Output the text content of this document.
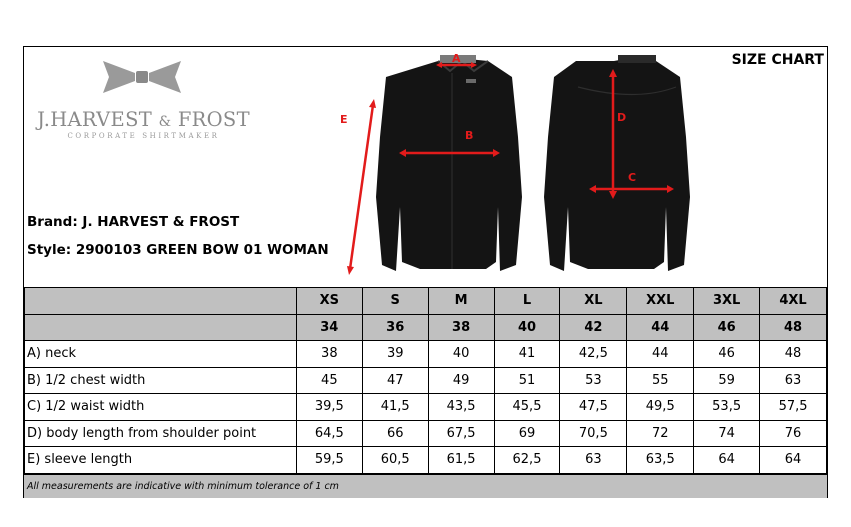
J.HARVEST & FROST
CORPORATE SHIRTMAKER
SIZE CHART
Brand: J. HARVEST & FROST
Style: 2900103 GREEN BOW 01 WOMAN
A
B
C
D
E
	XS	S	M	L	XL	XXL	3XL	4XL
	34	36	38	40	42	44	46	48
A) neck	38	39	40	41	42,5	44	46	48
B) 1/2 chest width	45	47	49	51	53	55	59	63
C) 1/2 waist width	39,5	41,5	43,5	45,5	47,5	49,5	53,5	57,5
D) body length from shoulder point	64,5	66	67,5	69	70,5	72	74	76
E) sleeve length	59,5	60,5	61,5	62,5	63	63,5	64	64
All measurements are indicative with minimum tolerance of 1 cm
